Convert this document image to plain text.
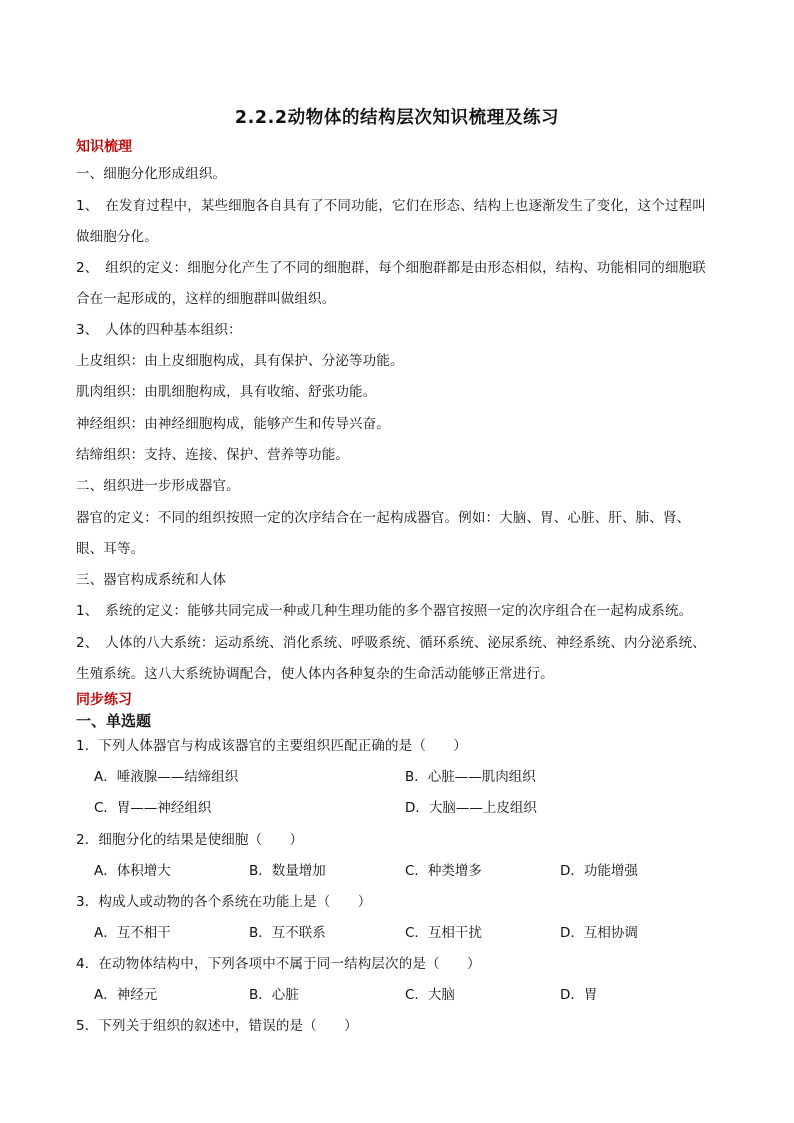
2.2.2动物体的结构层次知识梳理及练习
知识梳理
一、细胞分化形成组织。
1、　在发育过程中，某些细胞各自具有了不同功能，它们在形态、结构上也逐渐发生了变化，这个过程叫
做细胞分化。
2、　组织的定义：细胞分化产生了不同的细胞群，每个细胞群都是由形态相似，结构、功能相同的细胞联
合在一起形成的，这样的细胞群叫做组织。
3、　人体的四种基本组织：
上皮组织：由上皮细胞构成，具有保护、分泌等功能。
肌肉组织：由肌细胞构成，具有收缩、舒张功能。
神经组织：由神经细胞构成，能够产生和传导兴奋。
结缔组织：支持、连接、保护、营养等功能。
二、组织进一步形成器官。
器官的定义：不同的组织按照一定的次序结合在一起构成器官。例如：大脑、胃、心脏、肝、肺、肾、
眼、耳等。
三、器官构成系统和人体
1、　系统的定义：能够共同完成一种或几种生理功能的多个器官按照一定的次序组合在一起构成系统。
2、　人体的八大系统：运动系统、消化系统、呼吸系统、循环系统、泌尿系统、神经系统、内分泌系统、
生殖系统。这八大系统协调配合，使人体内各种复杂的生命活动能够正常进行。
同步练习
一、单选题
1．下列人体器官与构成该器官的主要组织匹配正确的是（　　）
A．唾液腺——结缔组织	B．心脏——肌肉组织
C．胃——神经组织	D．大脑——上皮组织
2．细胞分化的结果是使细胞（　　）
A．体积增大	B．数量增加	C．种类增多	D．功能增强
3．构成人或动物的各个系统在功能上是（　　）
A．互不相干	B．互不联系	C．互相干扰	D．互相协调
4．在动物体结构中，下列各项中不属于同一结构层次的是（　　）
A．神经元	B．心脏	C．大脑	D．胃
5．下列关于组织的叙述中，错误的是（　　）
